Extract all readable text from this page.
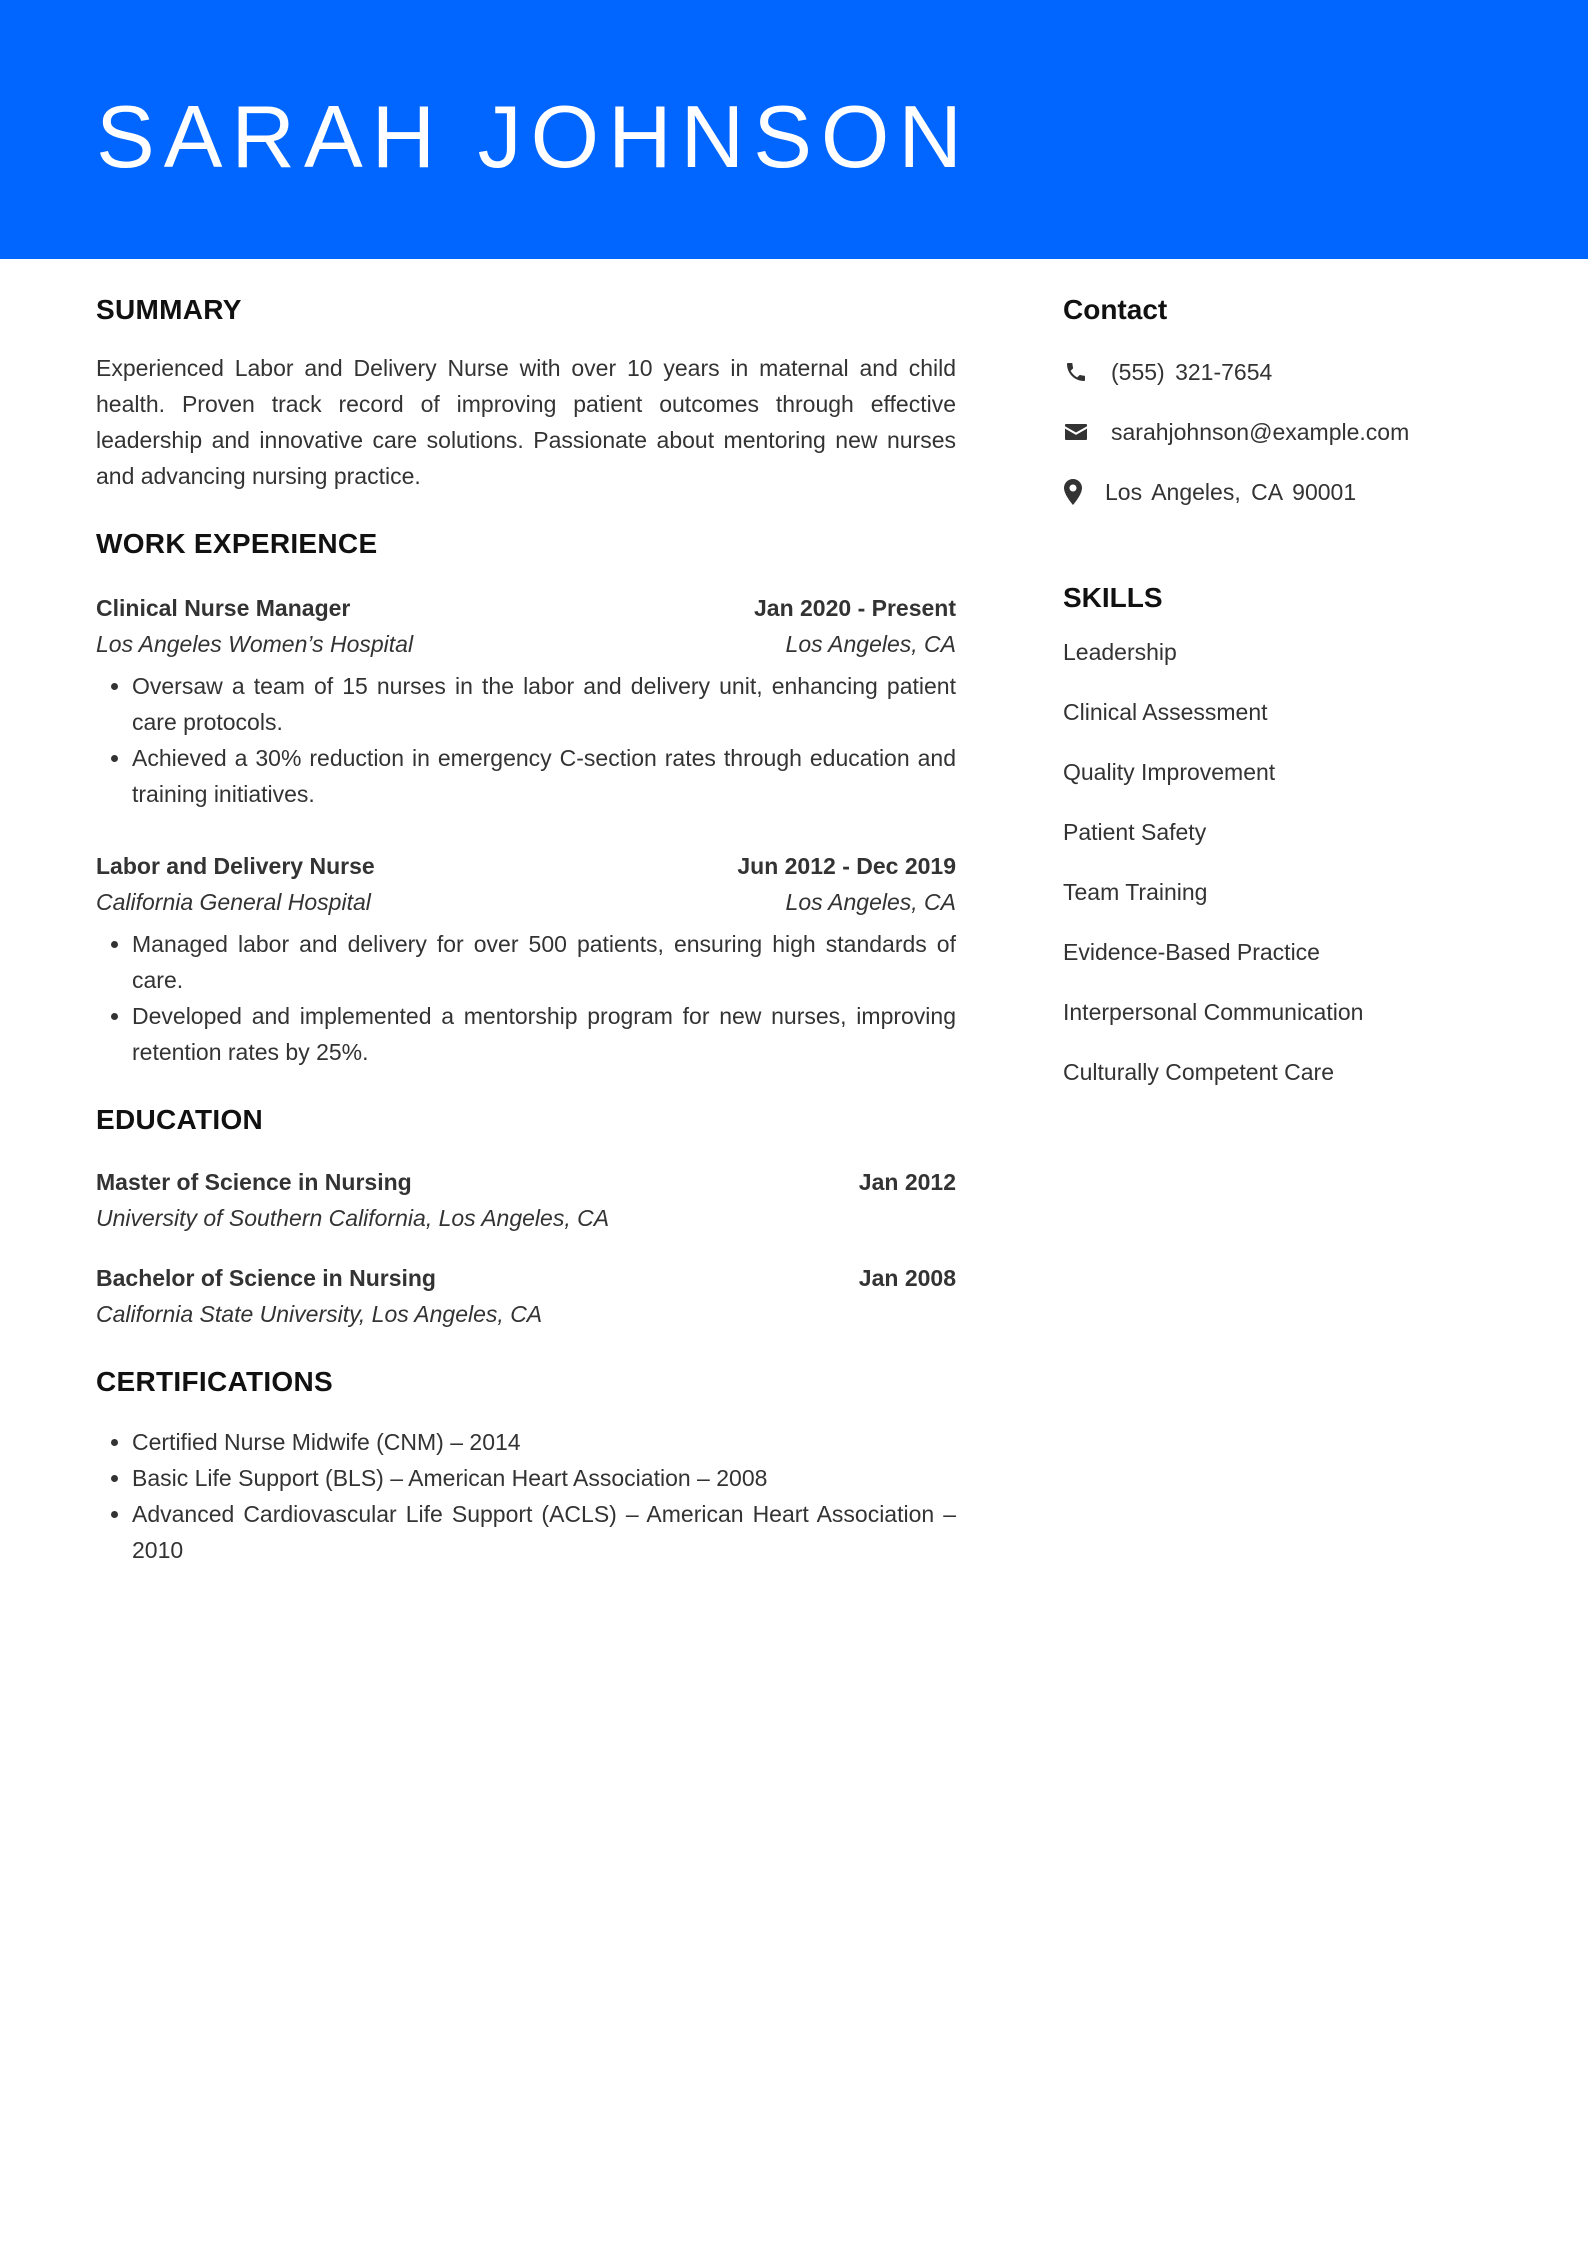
SARAH JOHNSON
SUMMARY

Experienced Labor and Delivery Nurse with over 10 years in maternal and child health. Proven track record of improving patient outcomes through effective leadership and innovative care solutions. Passionate about mentoring new nurses and advancing nursing practice.

WORK EXPERIENCE
Clinical Nurse Manager	Jan 2020 - Present
Los Angeles Women’s Hospital	Los Angeles, CA
• Oversaw a team of 15 nurses in the labor and delivery unit, enhancing patient care protocols.
• Achieved a 30% reduction in emergency C-section rates through education and training initiatives.
Labor and Delivery Nurse	Jun 2012 - Dec 2019
California General Hospital	Los Angeles, CA
• Managed labor and delivery for over 500 patients, ensuring high standards of care.
• Developed and implemented a mentorship program for new nurses, improving retention rates by 25%.
EDUCATION
Master of Science in Nursing	Jan 2012
University of Southern California, Los Angeles, CA
Bachelor of Science in Nursing	Jan 2008
California State University, Los Angeles, CA
CERTIFICATIONS
• Certified Nurse Midwife (CNM) – 2014
• Basic Life Support (BLS) – American Heart Association – 2008
• Advanced Cardiovascular Life Support (ACLS) – American Heart Association – 2010
Contact
(555) 321-7654
sarahjohnson@example.com
Los Angeles, CA 90001
SKILLS
Leadership
Clinical Assessment
Quality Improvement
Patient Safety
Team Training
Evidence-Based Practice
Interpersonal Communication
Culturally Competent Care
